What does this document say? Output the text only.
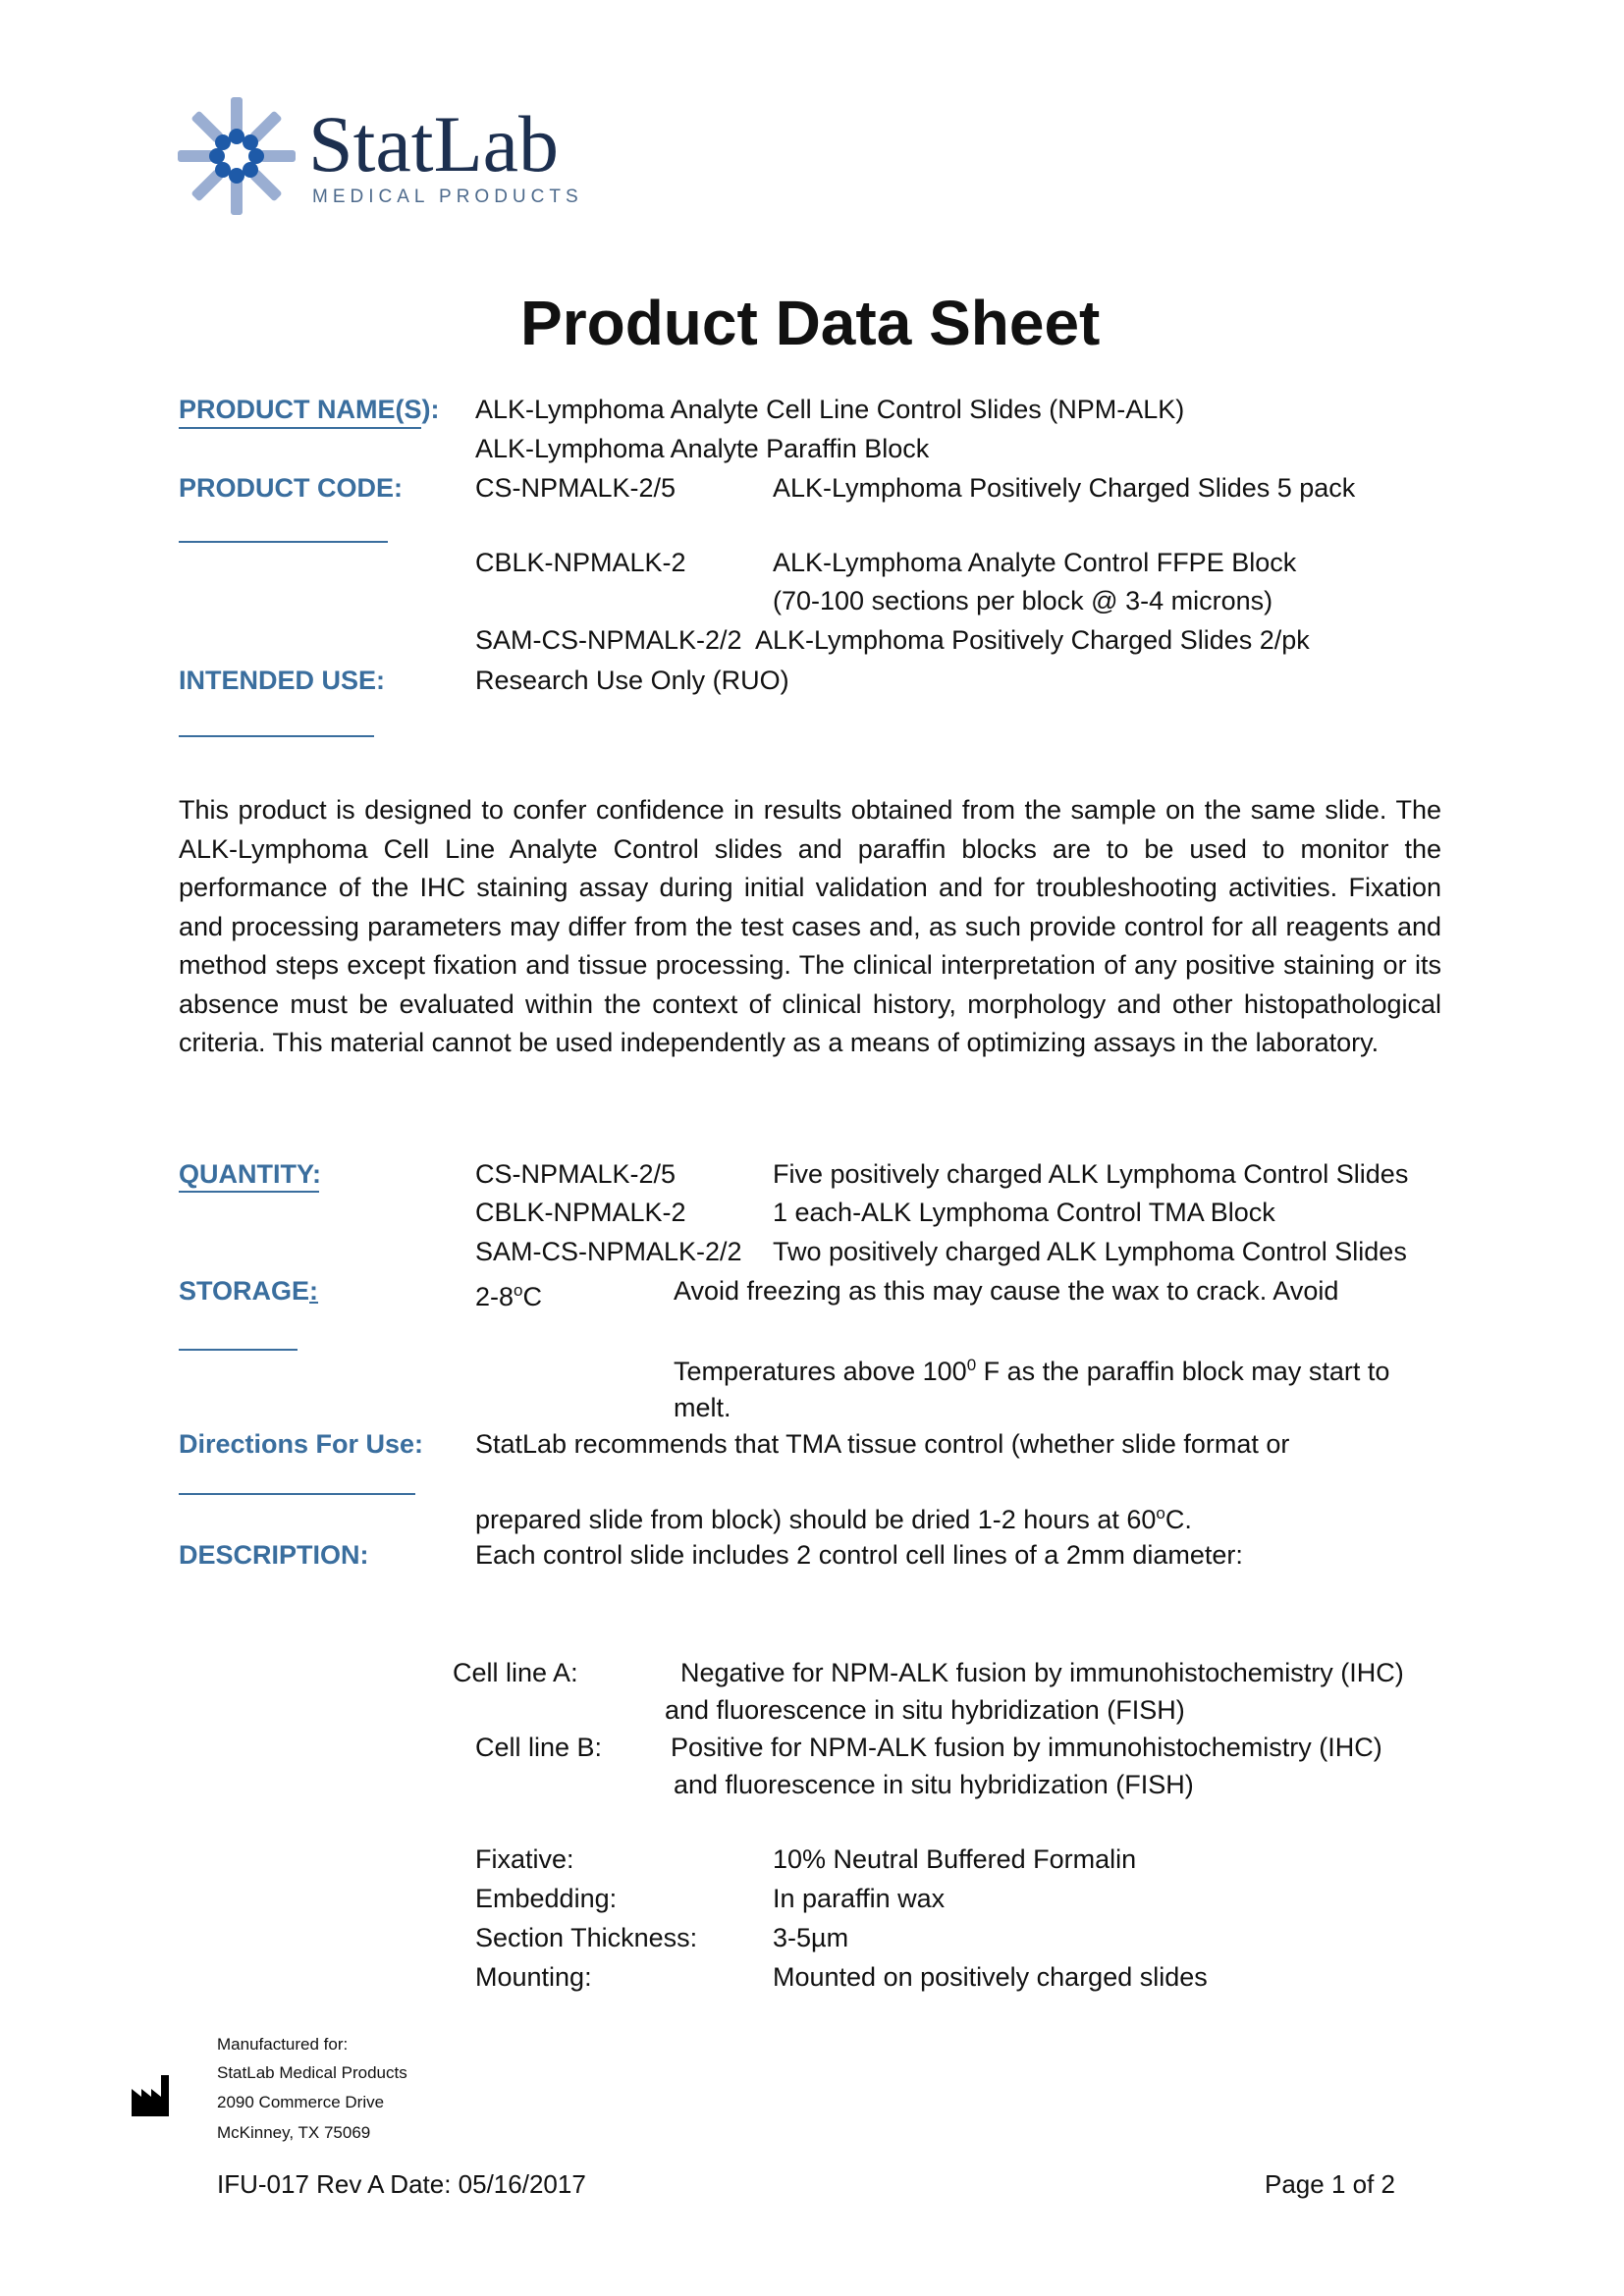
StatLab
MEDICAL PRODUCTS
Product Data Sheet
PRODUCT NAME(S): ALK-Lymphoma Analyte Cell Line Control Slides (NPM-ALK)
ALK-Lymphoma Analyte Paraffin Block
PRODUCT CODE:	CS-NPMALK-2/5	ALK-Lymphoma Positively Charged Slides 5 pack
CBLK-NPMALK-2	ALK-Lymphoma Analyte Control FFPE Block
(70-100 sections per block @ 3-4 microns)
SAM-CS-NPMALK-2/2 ALK-Lymphoma Positively Charged Slides 2/pk
INTENDED USE:	Research Use Only (RUO)
This product is designed to confer confidence in results obtained from the sample on the same slide. The ALK-Lymphoma Cell Line Analyte Control slides and paraffin blocks are to be used to monitor the performance of the IHC staining assay during initial validation and for troubleshooting activities. Fixation and processing parameters may differ from the test cases and, as such provide control for all reagents and method steps except fixation and tissue processing. The clinical interpretation of any positive staining or its absence must be evaluated within the context of clinical history, morphology and other histopathological criteria. This material cannot be used independently as a means of optimizing assays in the laboratory.
QUANTITY:	CS-NPMALK-2/5	Five positively charged ALK Lymphoma Control Slides
CBLK-NPMALK-2	1 each-ALK Lymphoma Control TMA Block
SAM-CS-NPMALK-2/2 Two positively charged ALK Lymphoma Control Slides
STORAGE:	2-8$^o$C	Avoid freezing as this may cause the wax to crack. Avoid
Temperatures above $100^0$ F as the paraffin block may start to
melt.
Directions For Use: StatLab recommends that TMA tissue control (whether slide format or
prepared slide from block) should be dried 1-2 hours at 60$^o$C.
DESCRIPTION:	Each control slide includes 2 control cell lines of a 2mm diameter:
Cell line A:	Negative for NPM-ALK fusion by immunohistochemistry (IHC)
and fluorescence in situ hybridization (FISH)
Cell line B:	Positive for NPM-ALK fusion by immunohistochemistry (IHC)
and fluorescence in situ hybridization (FISH)
Fixative:	10% Neutral Buffered Formalin
Embedding:	In paraffin wax
Section Thickness:	3-5µm
Mounting:	Mounted on positively charged slides
Manufactured for:
StatLab Medical Products
2090 Commerce Drive
McKinney, TX 75069
IFU-017 Rev A Date: 05/16/2017	Page 1 of 2
